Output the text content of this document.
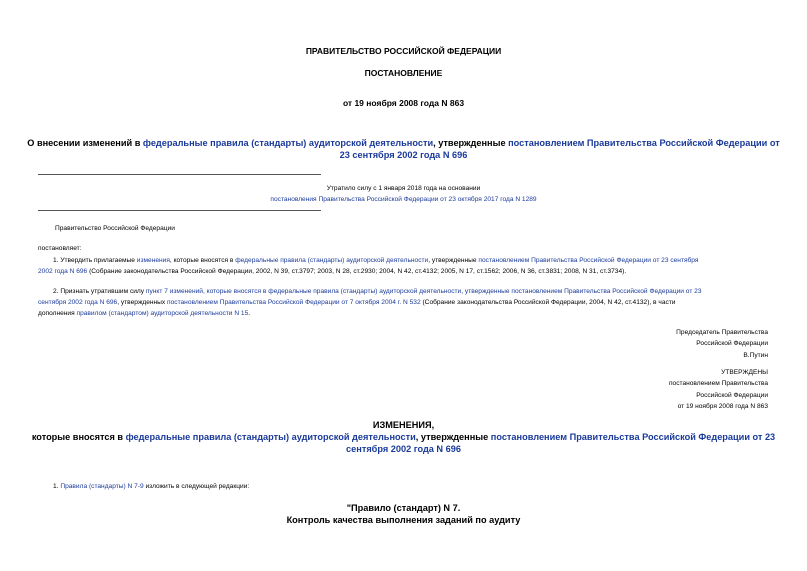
ПРАВИТЕЛЬСТВО РОССИЙСКОЙ ФЕДЕРАЦИИ
ПОСТАНОВЛЕНИЕ
от 19 ноября 2008 года N 863
О внесении изменений в федеральные правила (стандарты) аудиторской деятельности, утвержденные постановлением Правительства Российской Федерации от
23 сентября 2002 года N 696
Утратило силу с 1 января 2018 года на основании
постановления Правительства Российской Федерации от 23 октября 2017 года N 1289
Правительство Российской Федерации
постановляет:
1. Утвердить прилагаемые изменения, которые вносятся в федеральные правила (стандарты) аудиторской деятельности, утвержденные постановлением Правительства Российской Федерации от 23 сентября
2002 года N 696 (Собрание законодательства Российской Федерации, 2002, N 39, ст.3797; 2003, N 28, ст.2930; 2004, N 42, ст.4132; 2005, N 17, ст.1562; 2006, N 36, ст.3831; 2008, N 31, ст.3734).
2. Признать утратившим силу пункт 7 изменений, которые вносятся в федеральные правила (стандарты) аудиторской деятельности, утвержденные постановлением Правительства Российской Федерации от 23
сентября 2002 года N 696, утвержденных постановлением Правительства Российской Федерации от 7 октября 2004 г. N 532 (Собрание законодательства Российской Федерации, 2004, N 42, ст.4132), в части
дополнения правилом (стандартом) аудиторской деятельности N 15.
Председатель Правительства
Российской Федерации
В.Путин
УТВЕРЖДЕНЫ
постановлением Правительства
Российской Федерации
от 19 ноября 2008 года N 863
ИЗМЕНЕНИЯ,
которые вносятся в федеральные правила (стандарты) аудиторской деятельности, утвержденные постановлением Правительства Российской Федерации от 23
сентября 2002 года N 696
1. Правила (стандарты) N 7-9 изложить в следующей редакции:
"Правило (стандарт) N 7.
Контроль качества выполнения заданий по аудиту
